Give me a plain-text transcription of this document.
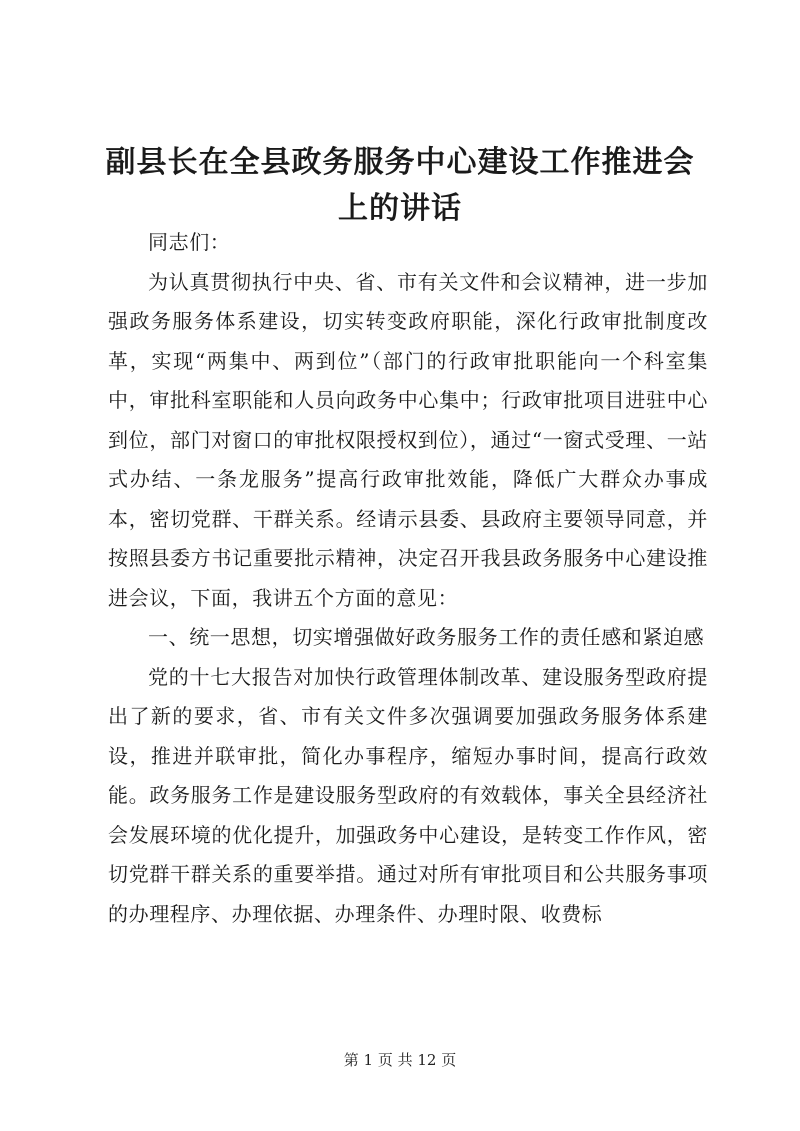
副县长在全县政务服务中心建设工作推进会上的讲话

同志们：

为认真贯彻执行中央、省、市有关文件和会议精神，进一步加强政务服务体系建设，切实转变政府职能，深化行政审批制度改革，实现“两集中、两到位”（部门的行政审批职能向一个科室集中，审批科室职能和人员向政务中心集中；行政审批项目进驻中心到位，部门对窗口的审批权限授权到位），通过“一窗式受理、一站式办结、一条龙服务”提高行政审批效能，降低广大群众办事成本，密切党群、干群关系。经请示县委、县政府主要领导同意，并按照县委方书记重要批示精神，决定召开我县政务服务中心建设推进会议，下面，我讲五个方面的意见：

一、统一思想，切实增强做好政务服务工作的责任感和紧迫感

党的十七大报告对加快行政管理体制改革、建设服务型政府提出了新的要求，省、市有关文件多次强调要加强政务服务体系建设，推进并联审批，简化办事程序，缩短办事时间，提高行政效能。政务服务工作是建设服务型政府的有效载体，事关全县经济社会发展环境的优化提升，加强政务中心建设，是转变工作作风，密切党群干群关系的重要举措。通过对所有审批项目和公共服务事项的办理程序、办理依据、办理条件、办理时限、收费标

第 1 页 共 12 页
